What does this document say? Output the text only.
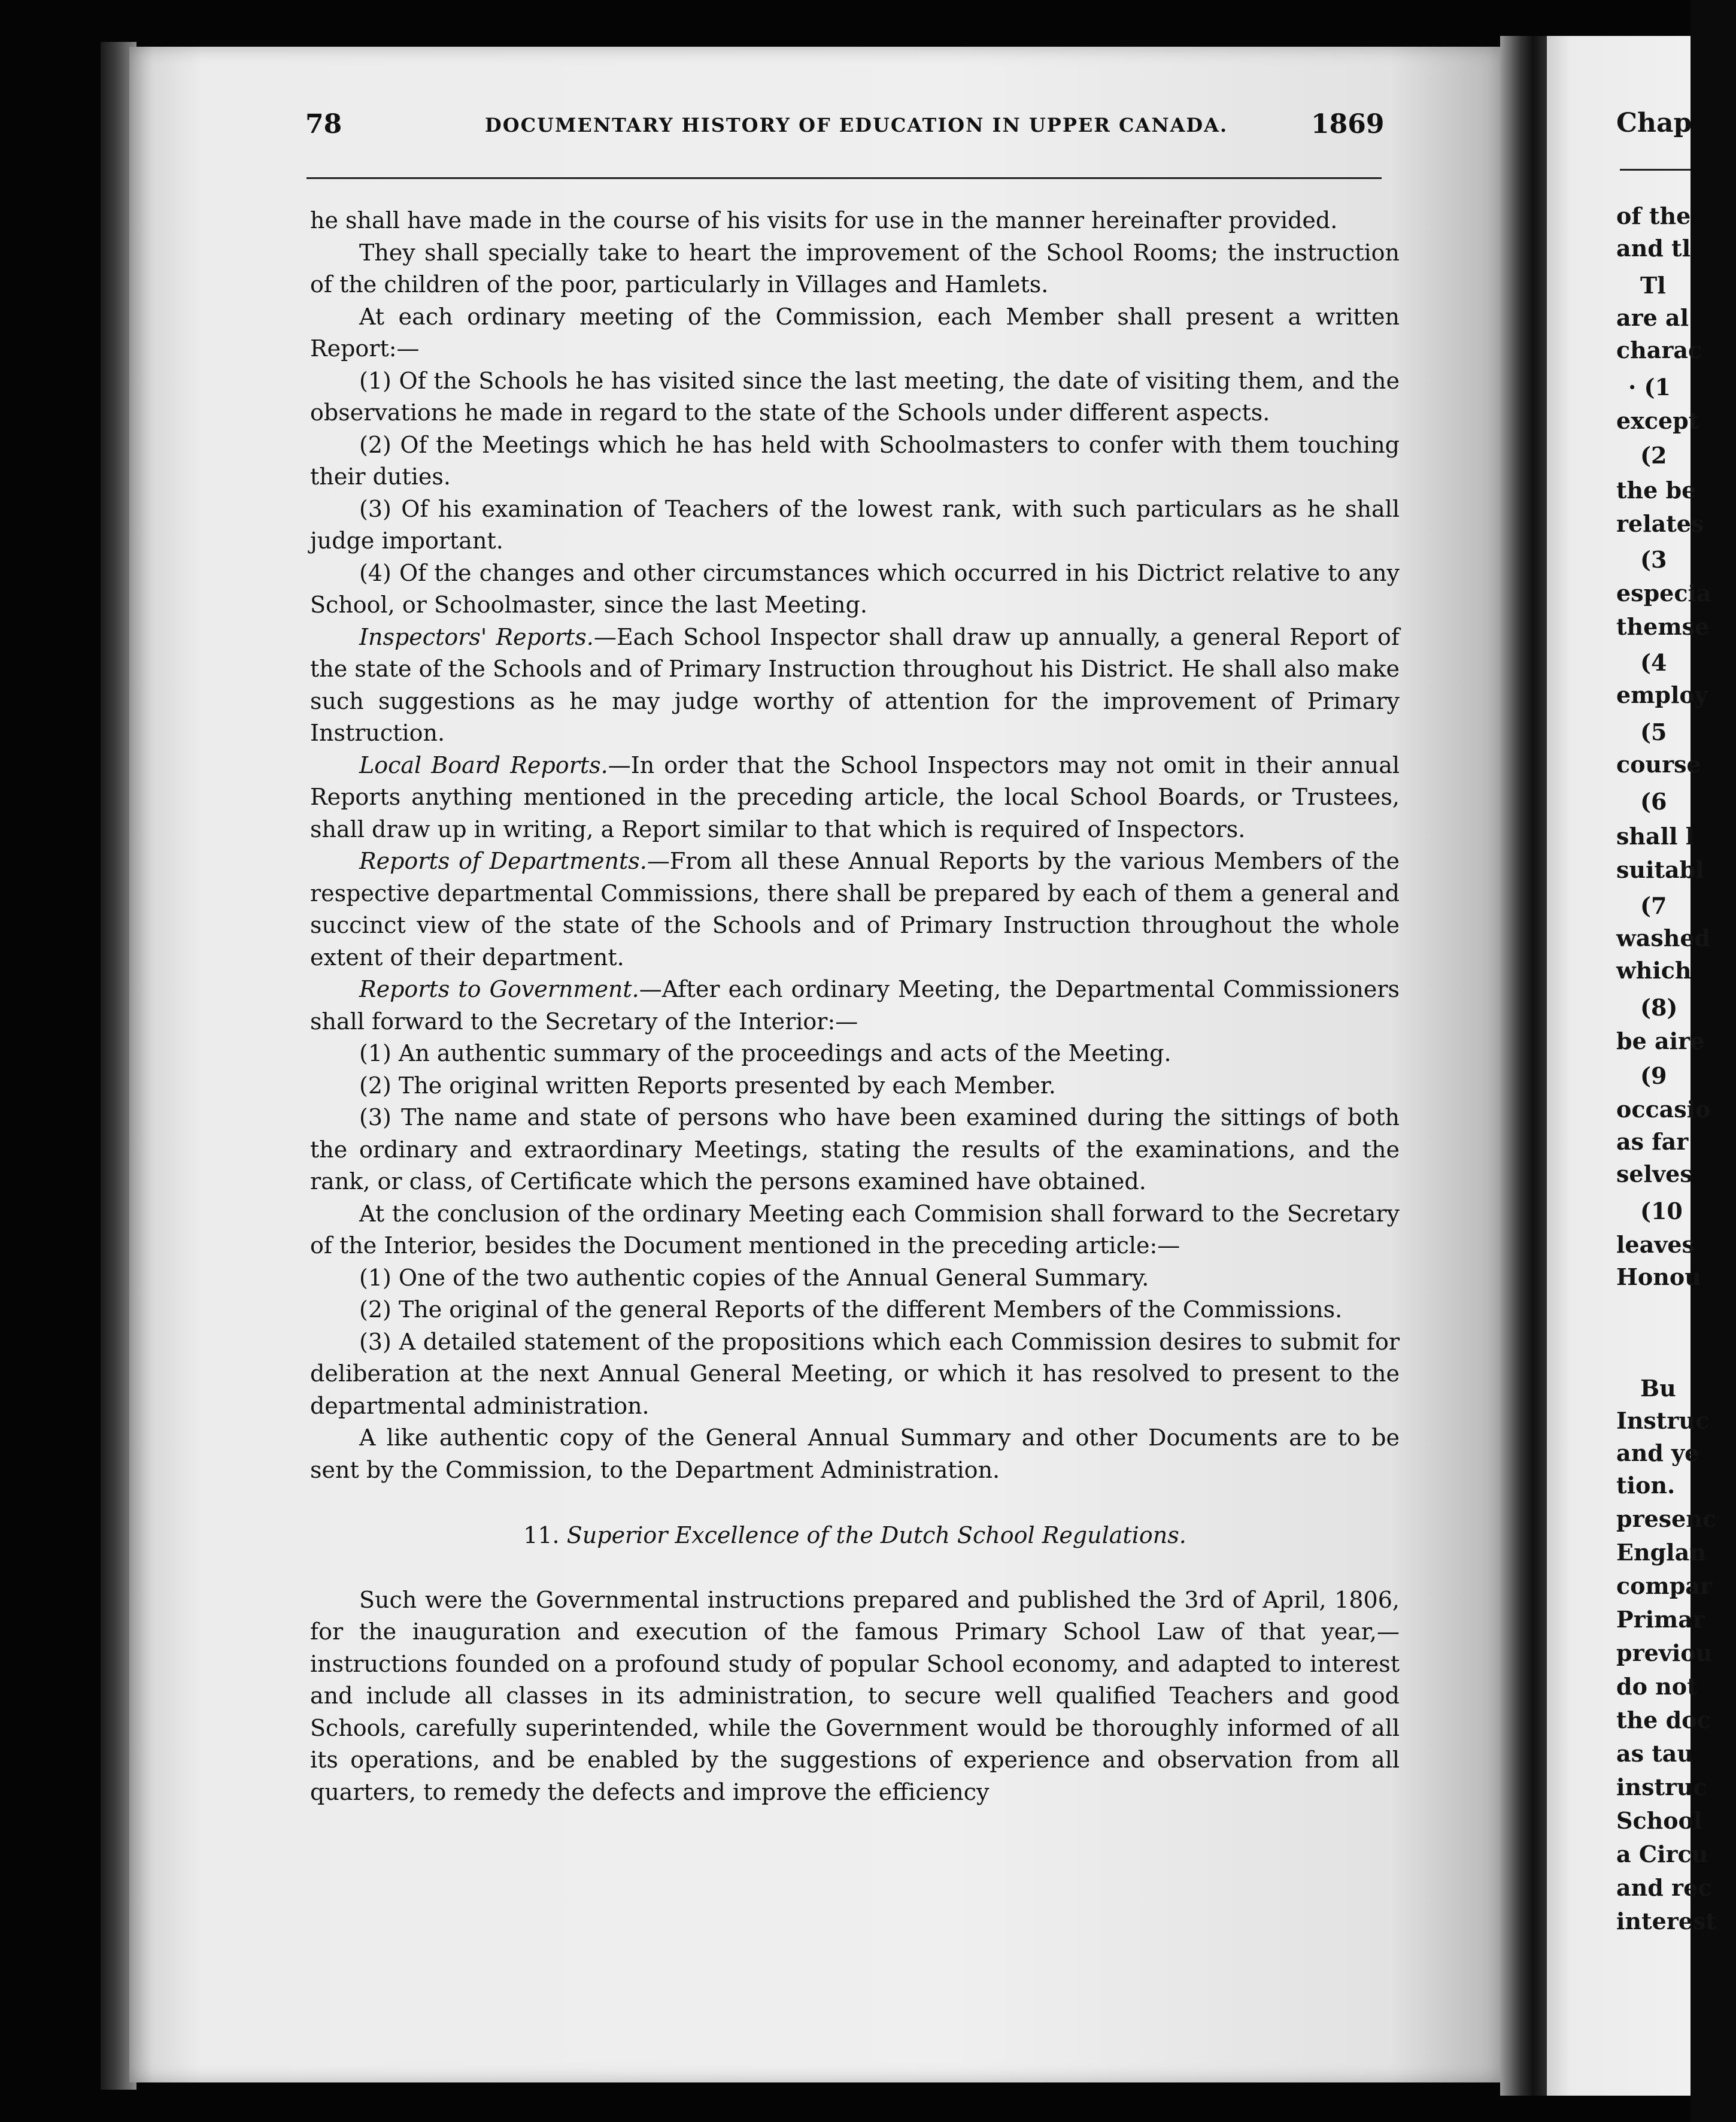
78	DOCUMENTARY HISTORY OF EDUCATION IN UPPER CANADA.	1869

he shall have made in the course of his visits for use in the manner hereinafter provided.

They shall specially take to heart the improvement of the School Rooms; the instruction of the children of the poor, particularly in Villages and Hamlets.

At each ordinary meeting of the Commission, each Member shall present a written Report:—

(1) Of the Schools he has visited since the last meeting, the date of visiting them, and the observations he made in regard to the state of the Schools under different aspects.

(2) Of the Meetings which he has held with Schoolmasters to confer with them touching their duties.

(3) Of his examination of Teachers of the lowest rank, with such particulars as he shall judge important.

(4) Of the changes and other circumstances which occurred in his Dictrict relative to any School, or Schoolmaster, since the last Meeting.

Inspectors' Reports.—Each School Inspector shall draw up annually, a general Report of the state of the Schools and of Primary Instruction throughout his District. He shall also make such suggestions as he may judge worthy of attention for the improvement of Primary Instruction.

Local Board Reports.—In order that the School Inspectors may not omit in their annual Reports anything mentioned in the preceding article, the local School Boards, or Trustees, shall draw up in writing, a Report similar to that which is required of Inspectors.

Reports of Departments.—From all these Annual Reports by the various Members of the respective departmental Commissions, there shall be prepared by each of them a general and succinct view of the state of the Schools and of Primary Instruction throughout the whole extent of their department.

Reports to Government.—After each ordinary Meeting, the Departmental Commissioners shall forward to the Secretary of the Interior:—

(1) An authentic summary of the proceedings and acts of the Meeting.

(2) The original written Reports presented by each Member.

(3) The name and state of persons who have been examined during the sittings of both the ordinary and extraordinary Meetings, stating the results of the examinations, and the rank, or class, of Certificate which the persons examined have obtained.

At the conclusion of the ordinary Meeting each Commision shall forward to the Secretary of the Interior, besides the Document mentioned in the preceding article:—

(1) One of the two authentic copies of the Annual General Summary.

(2) The original of the general Reports of the different Members of the Commissions.

(3) A detailed statement of the propositions which each Commission desires to submit for deliberation at the next Annual General Meeting, or which it has resolved to present to the departmental administration.

A like authentic copy of the General Annual Summary and other Documents are to be sent by the Commission, to the Department Administration.

11. Superior Excellence of the Dutch School Regulations.

Such were the Governmental instructions prepared and published the 3rd of April, 1806, for the inauguration and execution of the famous Primary School Law of that year,—instructions founded on a profound study of popular School economy, and adapted to interest and include all classes in its administration, to secure well qualified Teachers and good Schools, carefully superintended, while the Government would be thoroughly informed of all its operations, and be enabled by the suggestions of experience and observation from all quarters, to remedy the defects and improve the efficiency

Chap
of the
and tl
Tl
are al
charac
· (1
except
(2
the be
relates
(3
especia
themse
(4
employ
(5
course
(6
shall l
suitabl
(7
washed
which
(8)
be aire
(9
occasio
as far
selves
(10
leaves
Honou
Bu
Instruc
and ye
tion.
presenc
Englan
compar
Primar
previou
do not
the doc
as tau
instruc
School
a Circu
and rec
interest
